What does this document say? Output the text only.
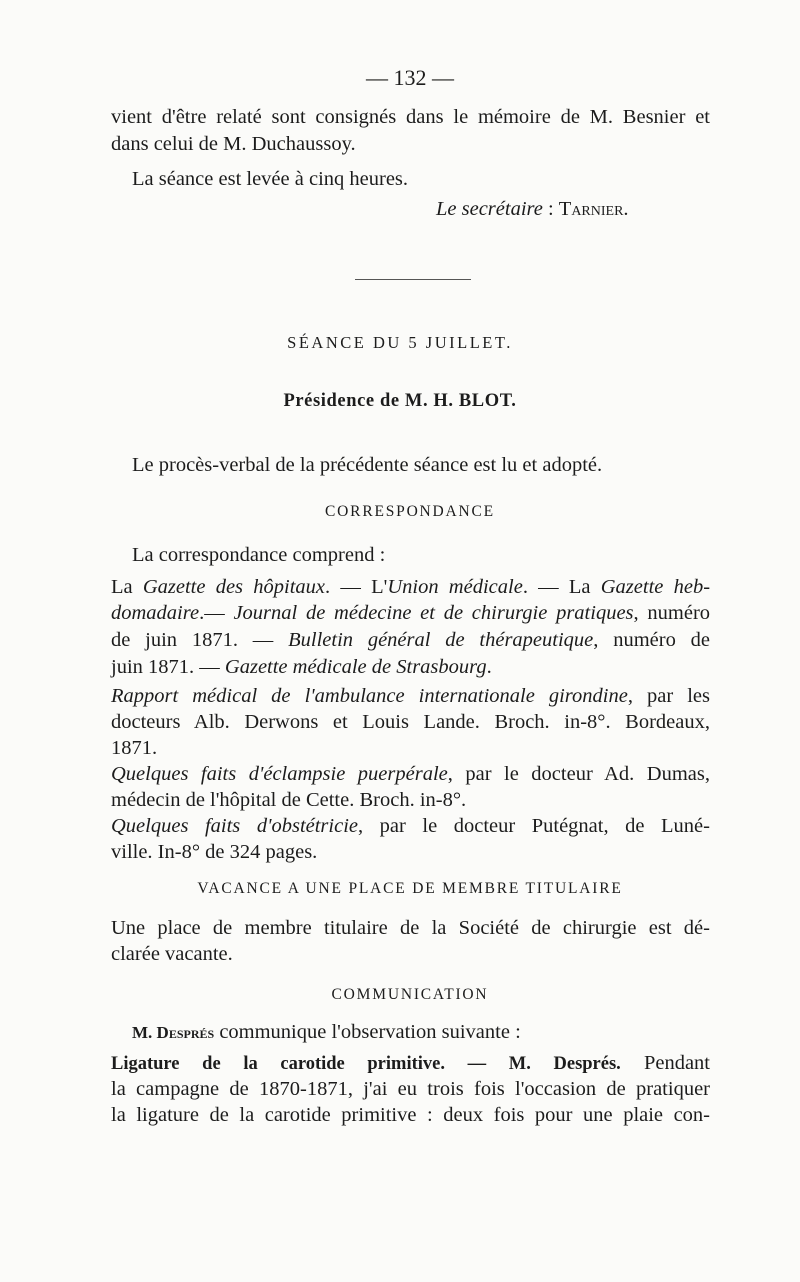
— 132 —
vient d'être relaté sont consignés dans le mémoire de M. Besnier et
dans celui de M. Duchaussoy.
La séance est levée à cinq heures.
Le secrétaire : Tarnier.
SÉANCE DU 5 JUILLET.
Présidence de M. H. BLOT.
Le procès-verbal de la précédente séance est lu et adopté.
CORRESPONDANCE
La correspondance comprend :
La Gazette des hôpitaux. — L'Union médicale. — La Gazette heb-
domadaire.— Journal de médecine et de chirurgie pratiques, numéro
de juin 1871. — Bulletin général de thérapeutique, numéro de
juin 1871. — Gazette médicale de Strasbourg.
Rapport médical de l'ambulance internationale girondine, par les
docteurs Alb. Derwons et Louis Lande. Broch. in-8°. Bordeaux,
1871.
Quelques faits d'éclampsie puerpérale, par le docteur Ad. Dumas,
médecin de l'hôpital de Cette. Broch. in-8°.
Quelques faits d'obstétricie, par le docteur Putégnat, de Luné-
ville. In-8° de 324 pages.
VACANCE A UNE PLACE DE MEMBRE TITULAIRE
Une place de membre titulaire de la Société de chirurgie est dé-
clarée vacante.
COMMUNICATION
M. Després communique l'observation suivante :
Ligature de la carotide primitive. — M. Després. Pendant
la campagne de 1870-1871, j'ai eu trois fois l'occasion de pratiquer
la ligature de la carotide primitive : deux fois pour une plaie con-
